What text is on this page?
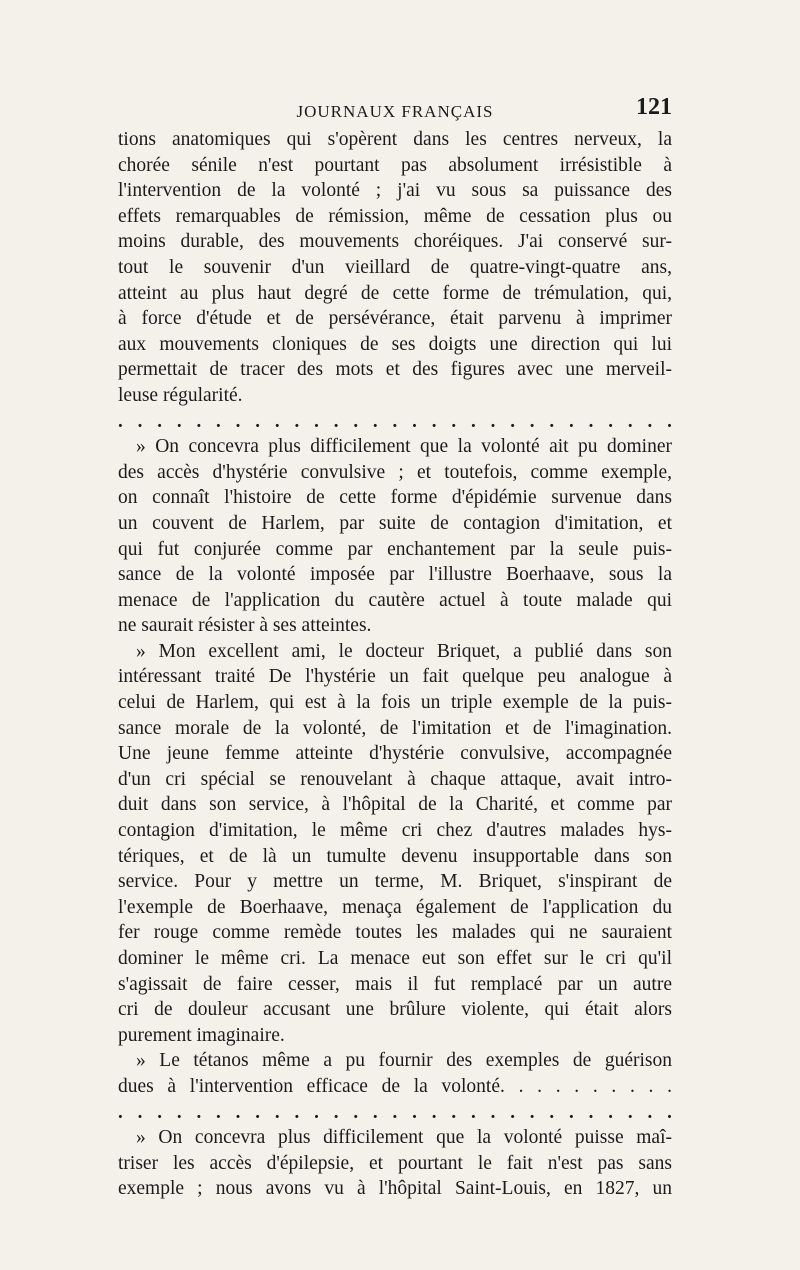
JOURNAUX FRANÇAIS	121
tions anatomiques qui s'opèrent dans les centres nerveux, la
chorée sénile n'est pourtant pas absolument irrésistible à
l'intervention de la volonté ; j'ai vu sous sa puissance des
effets remarquables de rémission, même de cessation plus ou
moins durable, des mouvements choréiques. J'ai conservé sur-
tout le souvenir d'un vieillard de quatre-vingt-quatre ans,
atteint au plus haut degré de cette forme de trémulation, qui,
à force d'étude et de persévérance, était parvenu à imprimer
aux mouvements cloniques de ses doigts une direction qui lui
permettait de tracer des mots et des figures avec une merveil-
leuse régularité.
. . . . . . . . . . . . . . . . . . . . . . . . . . . . .
» On concevra plus difficilement que la volonté ait pu dominer
des accès d'hystérie convulsive ; et toutefois, comme exemple,
on connaît l'histoire de cette forme d'épidémie survenue dans
un couvent de Harlem, par suite de contagion d'imitation, et
qui fut conjurée comme par enchantement par la seule puis-
sance de la volonté imposée par l'illustre Boerhaave, sous la
menace de l'application du cautère actuel à toute malade qui
ne saurait résister à ses atteintes.
» Mon excellent ami, le docteur Briquet, a publié dans son
intéressant traité De l'hystérie un fait quelque peu analogue à
celui de Harlem, qui est à la fois un triple exemple de la puis-
sance morale de la volonté, de l'imitation et de l'imagination.
Une jeune femme atteinte d'hystérie convulsive, accompagnée
d'un cri spécial se renouvelant à chaque attaque, avait intro-
duit dans son service, à l'hôpital de la Charité, et comme par
contagion d'imitation, le même cri chez d'autres malades hys-
tériques, et de là un tumulte devenu insupportable dans son
service. Pour y mettre un terme, M. Briquet, s'inspirant de
l'exemple de Boerhaave, menaça également de l'application du
fer rouge comme remède toutes les malades qui ne sauraient
dominer le même cri. La menace eut son effet sur le cri qu'il
s'agissait de faire cesser, mais il fut remplacé par un autre
cri de douleur accusant une brûlure violente, qui était alors
purement imaginaire.
» Le tétanos même a pu fournir des exemples de guérison
dues à l'intervention efficace de la volonté. . . . . . . . . .
. . . . . . . . . . . . . . . . . . . . . . . . . . . . .
» On concevra plus difficilement que la volonté puisse maî-
triser les accès d'épilepsie, et pourtant le fait n'est pas sans
exemple ; nous avons vu à l'hôpital Saint-Louis, en 1827, un
